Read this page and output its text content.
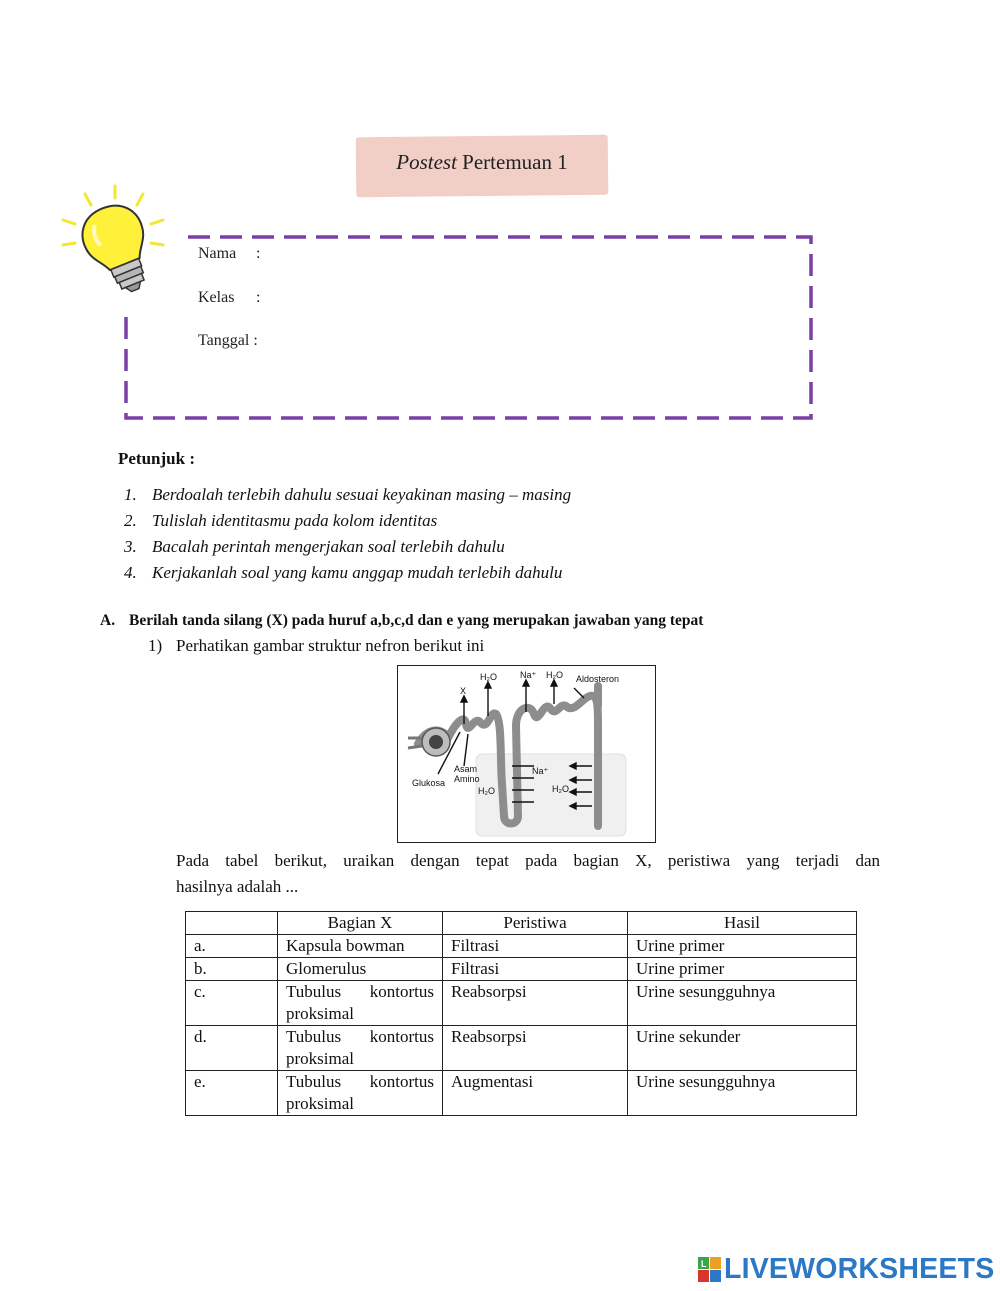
Postest Pertemuan 1
Nama :
Kelas :
Tanggal :
Petunjuk :
1. Berdoalah terlebih dahulu sesuai keyakinan masing – masing
2. Tulislah identitasmu pada kolom identitas
3. Bacalah perintah mengerjakan soal terlebih dahulu
4. Kerjakanlah soal yang kamu anggap mudah terlebih dahulu
A. Berilah tanda silang (X) pada huruf a,b,c,d dan e yang merupakan jawaban yang tepat
1) Perhatikan gambar struktur nefron berikut ini
X
H₂O	Na⁺ H₂O Aldosteron
Asam
Amino
Glukosa
Na⁺
H₂O	H₂O
Pada tabel berikut, uraikan dengan tepat pada bagian X, peristiwa yang terjadi dan
hasilnya adalah ...
	Bagian X	Peristiwa	Hasil
a.	Kapsula bowman	Filtrasi	Urine primer
b.	Glomerulus	Filtrasi	Urine primer
c.	Tubulus kontortus
proksimal	Reabsorpsi	Urine sesungguhnya
d.	Tubulus kontortus
proksimal	Reabsorpsi	Urine sekunder
e.	Tubulus kontortus
proksimal	Augmentasi	Urine sesungguhnya
L LIVEWORKSHEETS
